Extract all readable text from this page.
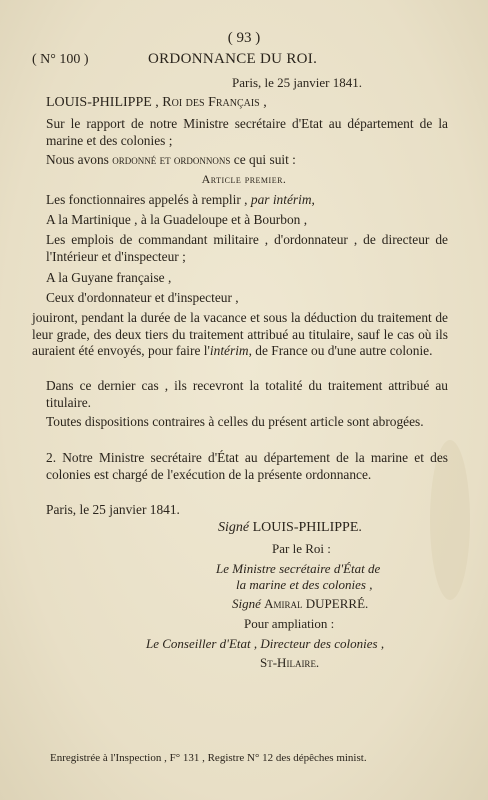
( 93 )
( N° 100 )	ORDONNANCE DU ROI.
Paris, le 25 janvier 1841.
LOUIS-PHILIPPE , Roi des Français ,
Sur le rapport de notre Ministre secrétaire d'Etat au département de la marine et des colonies ;
Nous avons ordonné et ordonnons ce qui suit :
Article premier.
Les fonctionnaires appelés à remplir , par intérim,
A la Martinique , à la Guadeloupe et à Bourbon ,
Les emplois de commandant militaire , d'ordonnateur , de directeur de l'Intérieur et d'inspecteur ;
A la Guyane française ,
Ceux d'ordonnateur et d'inspecteur ,
jouiront, pendant la durée de la vacance et sous la déduction du traitement de leur grade, des deux tiers du traitement attribué au titulaire, sauf le cas où ils auraient été envoyés, pour faire l'intérim, de France ou d'une autre colonie.
Dans ce dernier cas , ils recevront la totalité du traitement attribué au titulaire.
Toutes dispositions contraires à celles du présent article sont abrogées.
2. Notre Ministre secrétaire d'État au département de la marine et des colonies est chargé de l'exécution de la présente ordonnance.
Paris, le 25 janvier 1841.
Signé LOUIS-PHILIPPE.
Par le Roi :
Le Ministre secrétaire d'État de
la marine et des colonies ,
Signé Amiral DUPERRÉ.
Pour ampliation :
Le Conseiller d'Etat , Directeur des colonies ,
St-Hilaire.
Enregistrée à l'Inspection , F° 131 , Registre N° 12 des dépêches minist.
